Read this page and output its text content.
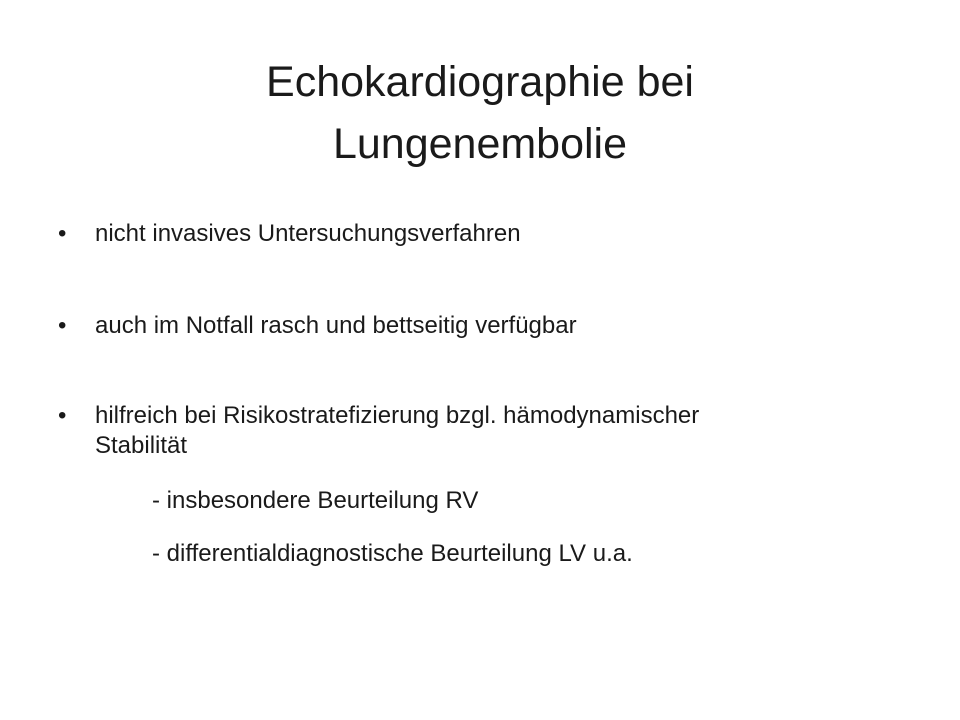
Echokardiographie bei
Lungenembolie
•	nicht invasives Untersuchungsverfahren
•	auch im Notfall rasch und bettseitig verfügbar
•	hilfreich bei Risikostratefizierung bzgl. hämodynamischer
Stabilität
- insbesondere Beurteilung RV
- differentialdiagnostische Beurteilung LV u.a.
